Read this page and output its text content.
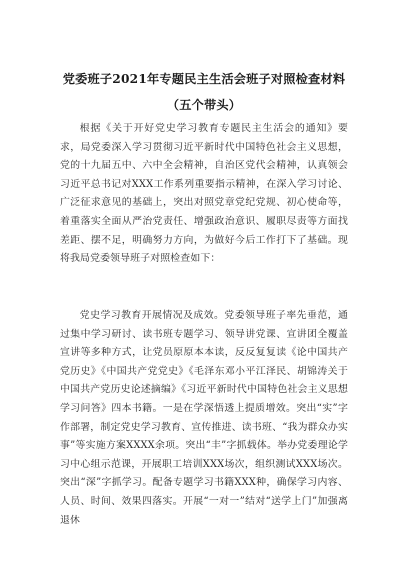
党委班子2021年专题民主生活会班子对照检查材料（五个带头）

根据《关于开好党史学习教育专题民主生活会的通知》要求，局党委深入学习贯彻习近平新时代中国特色社会主义思想，党的十九届五中、六中全会精神，自治区党代会精神，认真领会习近平总书记对XXX工作系列重要指示精神，在深入学习讨论、广泛征求意见的基础上，突出对照党章党纪党规、初心使命等，着重落实全面从严治党责任、增强政治意识、履职尽责等方面找差距、摆不足，明确努力方向，为做好今后工作打下了基础。现将我局党委领导班子对照检查如下：

党史学习教育开展情况及成效。党委领导班子率先垂范，通过集中学习研讨、读书班专题学习、领导讲党课、宣讲团全覆盖宣讲等多种方式，让党员原原本本读，反反复复读《论中国共产党历史》《中国共产党党史》《毛泽东邓小平江泽民、胡锦涛关于中国共产党历史论述摘编》《习近平新时代中国特色社会主义思想学习问答》四本书籍。一是在学深悟透上提质增效。突出“实”字作部署，制定党史学习教育、宣传推进、读书班、“我为群众办实事”等实施方案XXXX余项。突出“丰”字抓载体。举办党委理论学习中心组示范课，开展职工培训XXX场次，组织测试XXX场次。突出“深”字抓学习。配备专题学习书籍XXX种，确保学习内容、人员、时间、效果四落实。开展“一对一”结对“送学上门”加强离退休
